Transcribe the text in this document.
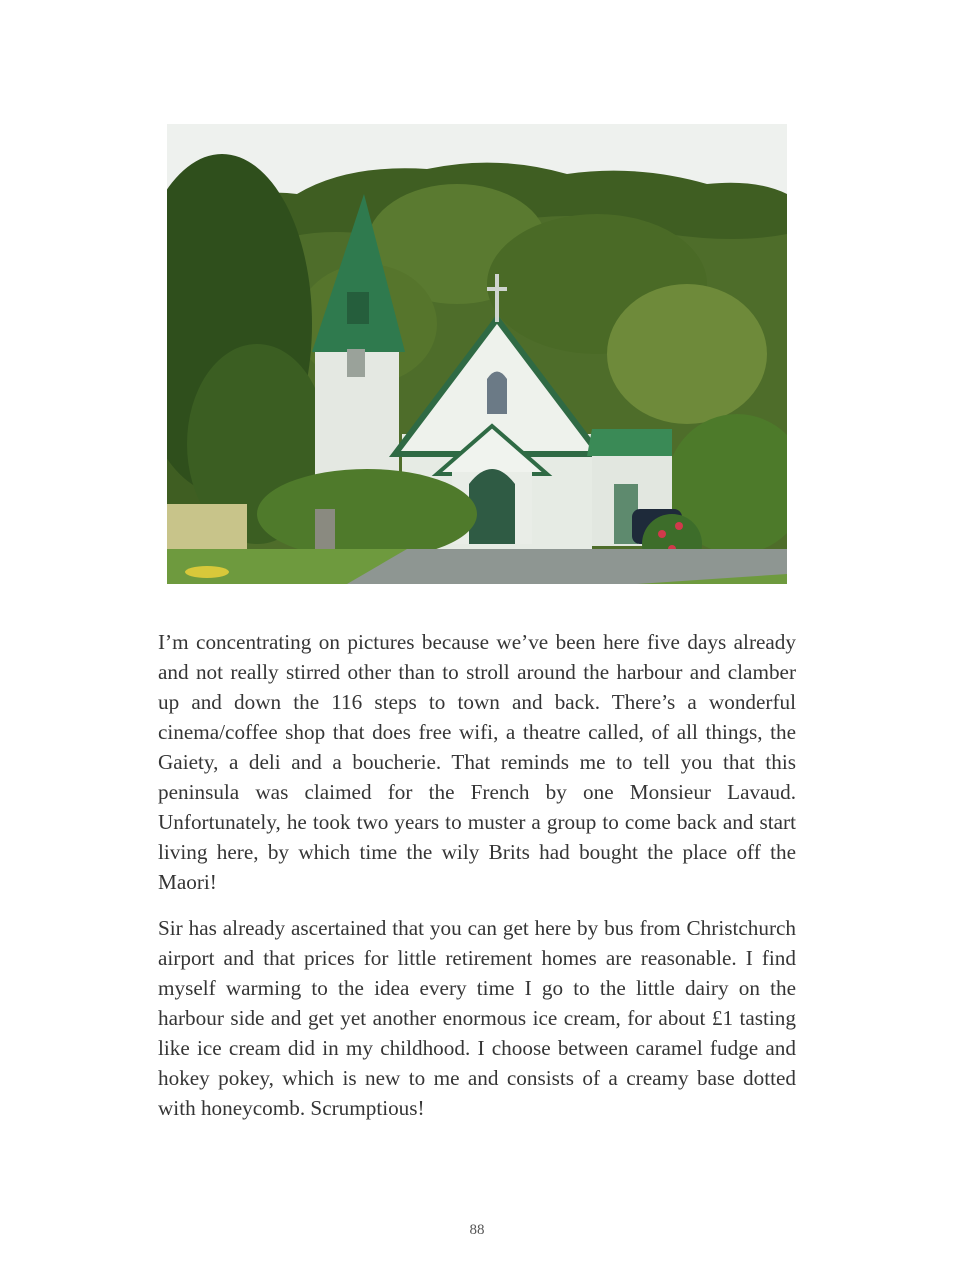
I’m concentrating on pictures because we’ve been here five days already and not really stirred other than to stroll around the harbour and clamber up and down the 116 steps to town and back. There’s a wonderful cinema/coffee shop that does free wifi, a theatre called, of all things, the Gaiety, a deli and a boucherie. That reminds me to tell you that this peninsula was claimed for the French by one Monsieur Lavaud. Unfortunately, he took two years to muster a group to come back and start living here, by which time the wily Brits had bought the place off the Maori!

Sir has already ascertained that you can get here by bus from Christchurch airport and that prices for little retirement homes are reasonable. I find myself warming to the idea every time I go to the little dairy on the harbour side and get yet another enormous ice cream, for about £1 tasting like ice cream did in my childhood. I choose between caramel fudge and hokey pokey, which is new to me and consists of a creamy base dotted with honeycomb. Scrumptious!

88
